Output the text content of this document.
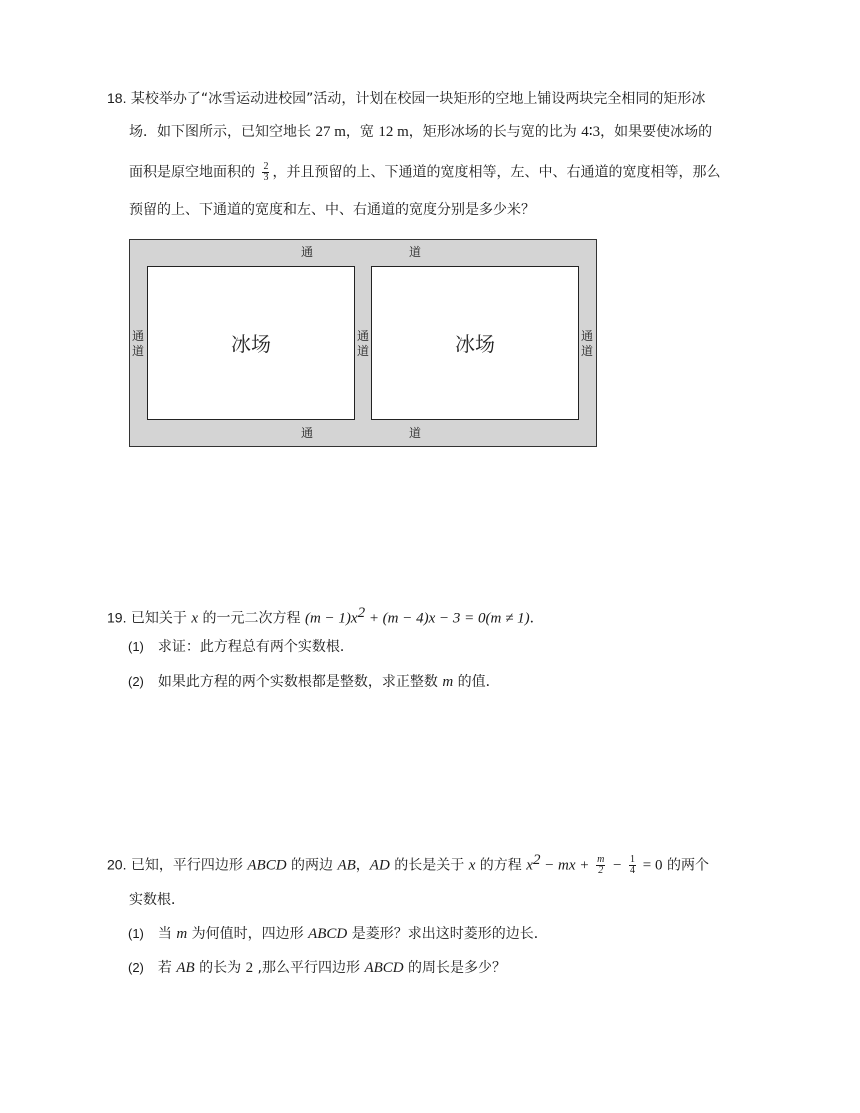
18. 某校举办了“冰雪运动进校园”活动，计划在校园一块矩形的空地上铺设两块完全相同的矩形冰
场．如下图所示，已知空地长 27 m，宽 12 m，矩形冰场的长与宽的比为 4∶3，如果要使冰场的
面积是原空地面积的 $\frac{2}{3}$ ，并且预留的上、下通道的宽度相等，左、中、右通道的宽度相等，那么
预留的上、下通道的宽度和左、中、右通道的宽度分别是多少米？
冰场	冰场
通	道
通	道
通
道
通
道
通
道
19. 已知关于 x 的一元二次方程 $(m - 1)x^2 + (m - 4)x - 3 = 0(m \ne 1)$．
(1) 求证：此方程总有两个实数根．
(2) 如果此方程的两个实数根都是整数，求正整数 m 的值．
20. 已知，平行四边形 ABCD 的两边 AB，AD 的长是关于 x 的方程 $x^2$ − mx + $\frac{m}{2} - \frac{1}{4} = 0$ 的两个
实数根．
(1) 当 m 为何值时，四边形 ABCD 是菱形？求出这时菱形的边长．
(2) 若 AB 的长为 2 ,那么平行四边形 ABCD 的周长是多少？
